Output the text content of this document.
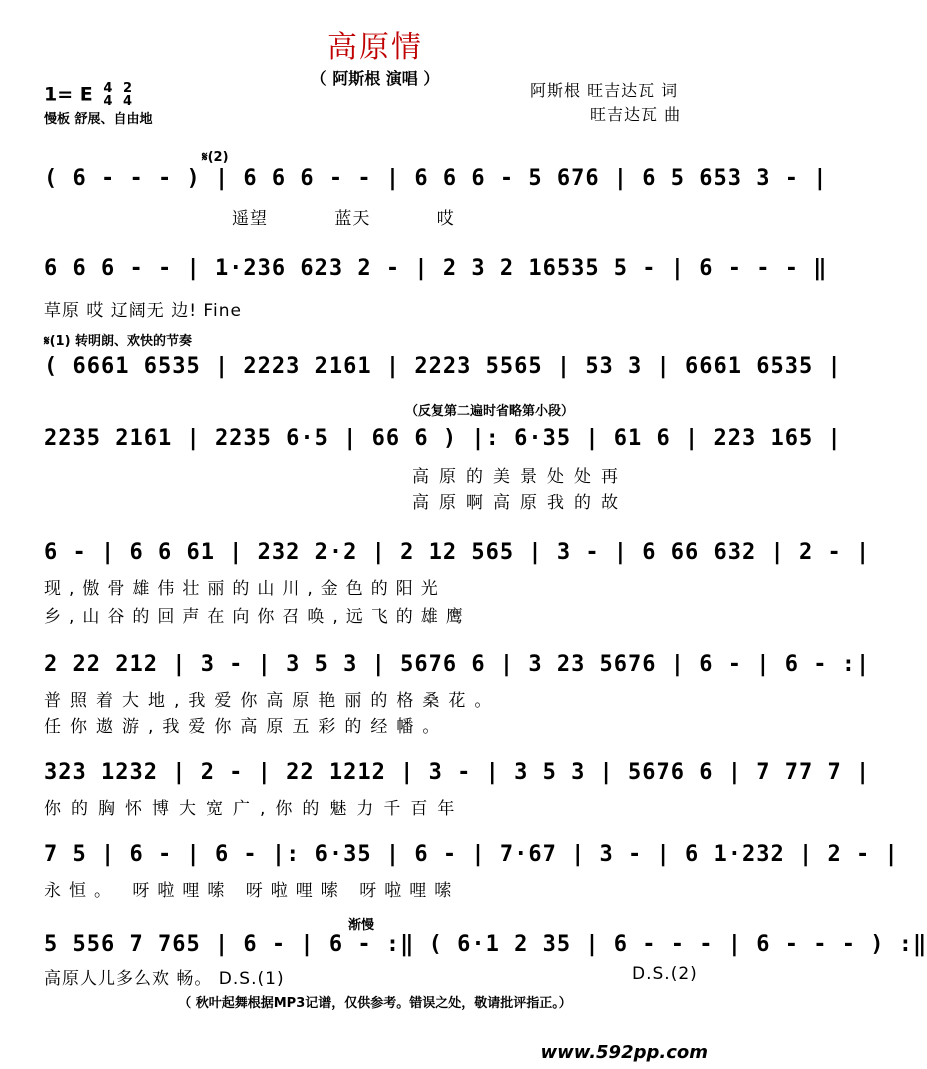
高原情
（ 阿斯根 演唱 ）
阿斯根 旺吉达瓦 词
旺吉达瓦 曲
1= E 4
4

2
4
慢板 舒展、自由地
𝄋(2)
( 6 - - - ) | 6 6 6 - - | 6 6 6 - 5 676 | 6 5 653 3 - |
遥望 蓝天 哎
6 6 6 - - | 1·236 623 2 - | 2 3 2 16535 5 - | 6 - - - ‖
草原 哎 辽阔无 边! Fine
𝄋(1) 转明朗、欢快的节奏
( 6661 6535 | 2223 2161 | 2223 5565 | 53 3 | 6661 6535 |
（反复第二遍时省略第小段）
2235 2161 | 2235 6·5 | 66 6 ) |: 6·35 | 61 6 | 223 165 |
高原的美景处处再
高原啊高原我的故
6 - | 6 6 61 | 232 2·2 | 2 12 565 | 3 - | 6 66 632 | 2 - |
现,傲骨雄伟壮丽的山川,金色的阳光
乡,山谷的回声在向你召唤,远飞的雄鹰
2 22 212 | 3 - | 3 5 3 | 5676 6 | 3 23 5676 | 6 - | 6 - :|
普照着大地,我爱你高原艳丽的格桑花。
任你遨游,我爱你高原五彩的经幡。
323 1232 | 2 - | 22 1212 | 3 - | 3 5 3 | 5676 6 | 7 77 7 |
你的胸怀博大宽广,你的魅力千百年
7 5 | 6 - | 6 - |: 6·35 | 6 - | 7·67 | 3 - | 6 1·232 | 2 - |
永恒。 呀啦哩嗦 呀啦哩嗦 呀啦哩嗦
渐慢
5 556 7 765 | 6 - | 6 - :‖ ( 6·1 2 35 | 6 - - - | 6 - - - ) :‖
高原人儿多么欢 畅。 D.S.(1)	D.S.(2)
（ 秋叶起舞根据MP3记谱，仅供参考。错误之处，敬请批评指正。）
www.592pp.com
